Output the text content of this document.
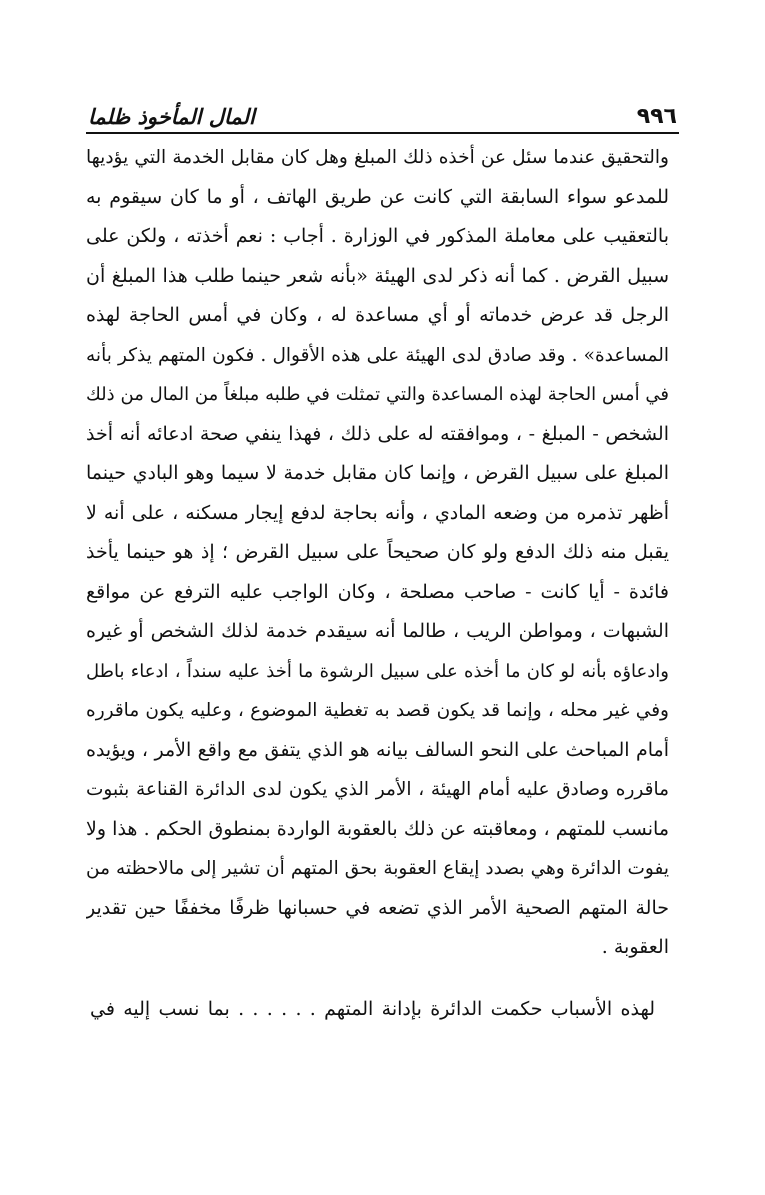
المال المأخوذ ظلما	٩٩٦
والتحقيق عندما سئل عن أخذه ذلك المبلغ وهل كان مقابل الخدمة التي يؤديها
للمدعو سواء السابقة التي كانت عن طريق الهاتف ، أو ما كان سيقوم به
بالتعقيب على معاملة المذكور في الوزارة . أجاب : نعم أخذته ، ولكن على
سبيل القرض . كما أنه ذكر لدى الهيئة «بأنه شعر حينما طلب هذا المبلغ أن
الرجل قد عرض خدماته أو أي مساعدة له ، وكان في أمس الحاجة لهذه
المساعدة» . وقد صادق لدى الهيئة على هذه الأقوال . فكون المتهم يذكر بأنه
في أمس الحاجة لهذه المساعدة والتي تمثلت في طلبه مبلغاً من المال من ذلك
الشخص - المبلغ - ، وموافقته له على ذلك ، فهذا ينفي صحة ادعائه أنه أخذ
المبلغ على سبيل القرض ، وإنما كان مقابل خدمة لا سيما وهو البادي حينما
أظهر تذمره من وضعه المادي ، وأنه بحاجة لدفع إيجار مسكنه ، على أنه لا
يقبل منه ذلك الدفع ولو كان صحيحاً على سبيل القرض ؛ إذ هو حينما يأخذ
فائدة - أيا كانت - صاحب مصلحة ، وكان الواجب عليه الترفع عن مواقع
الشبهات ، ومواطن الريب ، طالما أنه سيقدم خدمة لذلك الشخص أو غيره
وادعاؤه بأنه لو كان ما أخذه على سبيل الرشوة ما أخذ عليه سنداً ، ادعاء باطل
وفي غير محله ، وإنما قد يكون قصد به تغطية الموضوع ، وعليه يكون ماقرره
أمام المباحث على النحو السالف بيانه هو الذي يتفق مع واقع الأمر ، ويؤيده
ماقرره وصادق عليه أمام الهيئة ، الأمر الذي يكون لدى الدائرة القناعة بثبوت
مانسب للمتهم ، ومعاقبته عن ذلك بالعقوبة الواردة بمنطوق الحكم . هذا ولا
يفوت الدائرة وهي بصدد إيقاع العقوبة بحق المتهم أن تشير إلى مالاحظته من
حالة المتهم الصحية الأمر الذي تضعه في حسبانها ظرفًا مخففًا حين تقدير
العقوبة .
لهذه الأسباب حكمت الدائرة بإدانة المتهم . . . . . . بما نسب إليه في
